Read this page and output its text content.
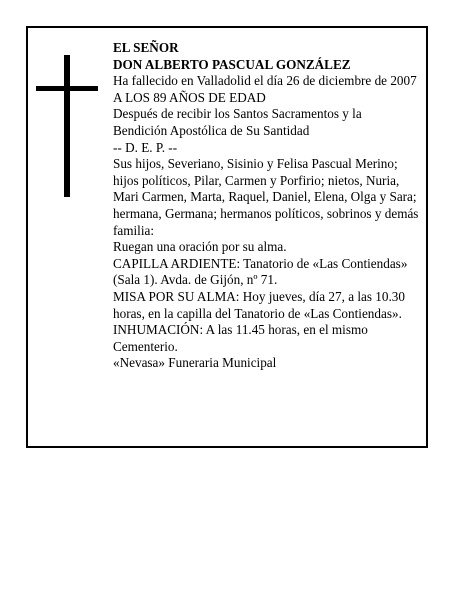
EL SEÑOR

DON ALBERTO PASCUAL GONZÁLEZ

Ha fallecido en Valladolid el día 26 de diciembre de 2007

A LOS 89 AÑOS DE EDAD

Después de recibir los Santos Sacramentos y la Bendición Apostólica de Su Santidad

-- D. E. P. --

Sus hijos, Severiano, Sisinio y Felisa Pascual Merino; hijos políticos, Pilar, Carmen y Porfirio; nietos, Nuria, Mari Carmen, Marta, Raquel, Daniel, Elena, Olga y Sara; hermana, Germana; hermanos políticos, sobrinos y demás familia:

Ruegan una oración por su alma.

CAPILLA ARDIENTE: Tanatorio de «Las Contiendas» (Sala 1). Avda. de Gijón, nº 71.

MISA POR SU ALMA: Hoy jueves, día 27, a las 10.30 horas, en la capilla del Tanatorio de «Las Contiendas».

INHUMACIÓN: A las 11.45 horas, en el mismo Cementerio.

«Nevasa» Funeraria Municipal
